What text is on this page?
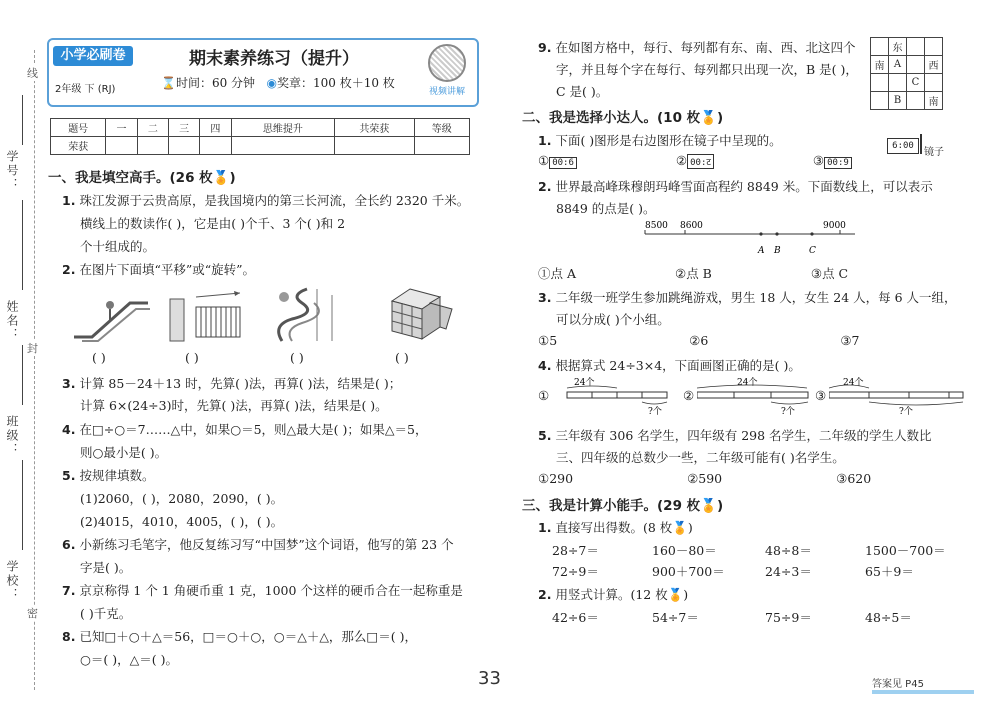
线
封
密
学号：
姓名：
班级：
学校：
小学必刷卷
2年级 下 (RJ)
期末素养练习（提升）
⌛时间：60 分钟 ◉奖章：100 枚＋10 枚
视频讲解
题号	一	二	三	四	思维提升	共荣获	等级
荣获							
一、我是填空高手。(26 枚🏅)
1. 珠江发源于云贵高原，是我国境内的第三长河流，全长约 2320 千米。
横线上的数读作( )，它是由( )个千、3 个( )和 2
个十组成的。
2. 在图片下面填“平移”或“旋转”。
( )	( )	( )	( )
3. 计算 85－24＋13 时，先算( )法，再算( )法，结果是( )；
计算 6×(24÷3)时，先算( )法，再算( )法，结果是( )。
4. 在□÷○＝7……△中，如果○＝5，则△最大是( )；如果△＝5，
则○最小是( )。
5. 按规律填数。
(1)2060，( )，2080，2090，( )。
(2)4015，4010，4005，( )，( )。
6. 小新练习毛笔字，他反复练习写“中国梦”这个词语，他写的第 23 个
字是( )。
7. 京京称得 1 个 1 角硬币重 1 克，1000 个这样的硬币合在一起称重是
( )千克。
8. 已知□＋○＋△＝56，□＝○＋○，○＝△＋△，那么□＝( )，
○＝( )，△＝( )。
9. 在如图方格中，每行、每列都有东、南、西、北这四个
字，并且每个字在每行、每列都只出现一次，B 是( )，
C 是( )。
	东		
南	A		西
		C	
	B		南
二、我是选择小达人。(10 枚🏅)
1. 下面( )图形是右边图形在镜子中呈现的。	6:00
镜子
① 00:6	② 00:ट	③ 00:9
2. 世界最高峰珠穆朗玛峰雪面高程约 8849 米。下面数线上，可以表示
8849 的点是( )。
8500 8600	9000
A B	C
①点 A	②点 B	③点 C
3. 二年级一班学生参加跳绳游戏，男生 18 人，女生 24 人，每 6 人一组，
可以分成( )个小组。
①5	②6	③7
4. 根据算式 24÷3×4，下面画图正确的是( )。
①
24个
?个
②
24个
?个
③
24个
?个
5. 三年级有 306 名学生，四年级有 298 名学生，二年级的学生人数比
三、四年级的总数少一些，二年级可能有( )名学生。
①290	②590	③620
三、我是计算小能手。(29 枚🏅)
1. 直接写出得数。(8 枚🏅)
28÷7＝	160－80＝	48÷8＝	1500－700＝
72÷9＝	900＋700＝	24÷3＝	65＋9＝
2. 用竖式计算。(12 枚🏅)
42÷6＝	54÷7＝	75÷9＝	48÷5＝
33	答案见 P45
